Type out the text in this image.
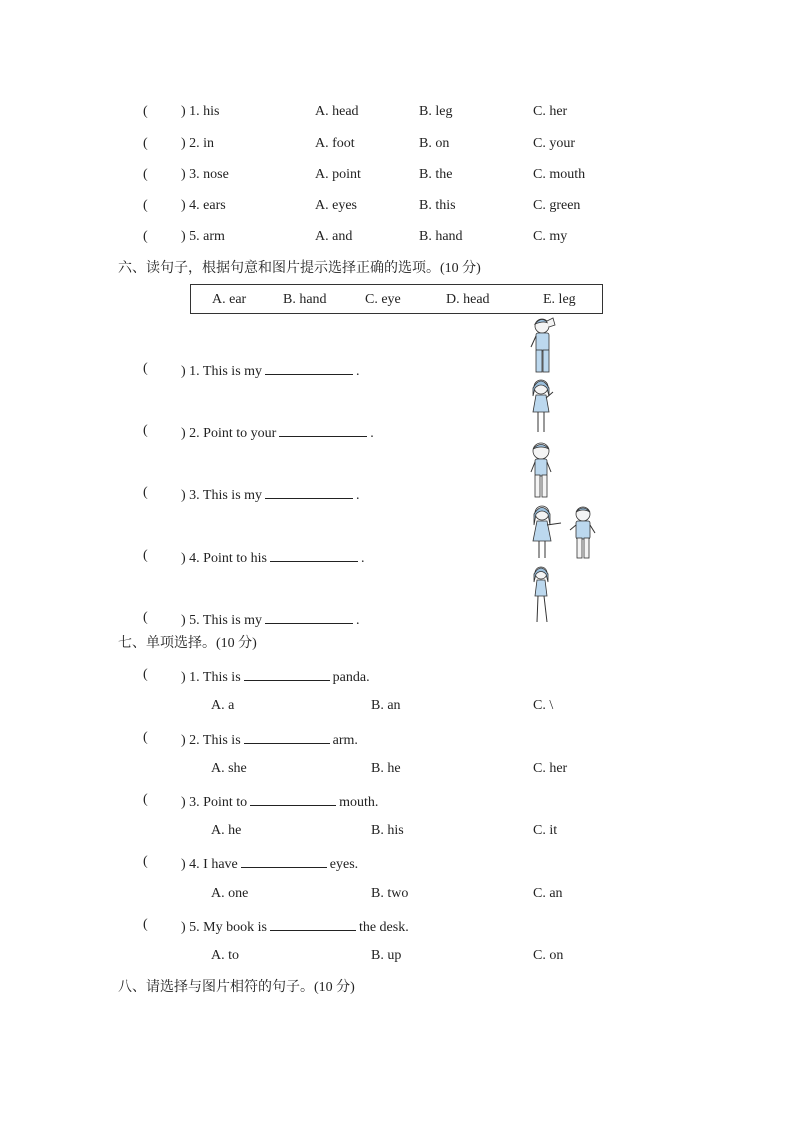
( ) 1. his	A. head	B. leg	C. her
( ) 2. in	A. foot	B. on	C. your
( ) 3. nose	A. point	B. the	C. mouth
( ) 4. ears	A. eyes	B. this	C. green
( ) 5. arm	A. and	B. hand	C. my
六、读句子，根据句意和图片提示选择正确的选项。(10 分)
A. ear	B. hand	C. eye	D. head	E. leg
( ) 1. This is my	.
( ) 2. Point to your	.
( ) 3. This is my	.
( ) 4. Point to his	.
( ) 5. This is my	.
七、单项选择。(10 分)
( ) 1. This is	panda.
A. a	B. an	C. \
( ) 2. This is	arm.
A. she	B. he	C. her
( ) 3. Point to	mouth.
A. he	B. his	C. it
( ) 4. I have	eyes.
A. one	B. two	C. an
( ) 5. My book is	the desk.
A. to	B. up	C. on
八、请选择与图片相符的句子。(10 分)
